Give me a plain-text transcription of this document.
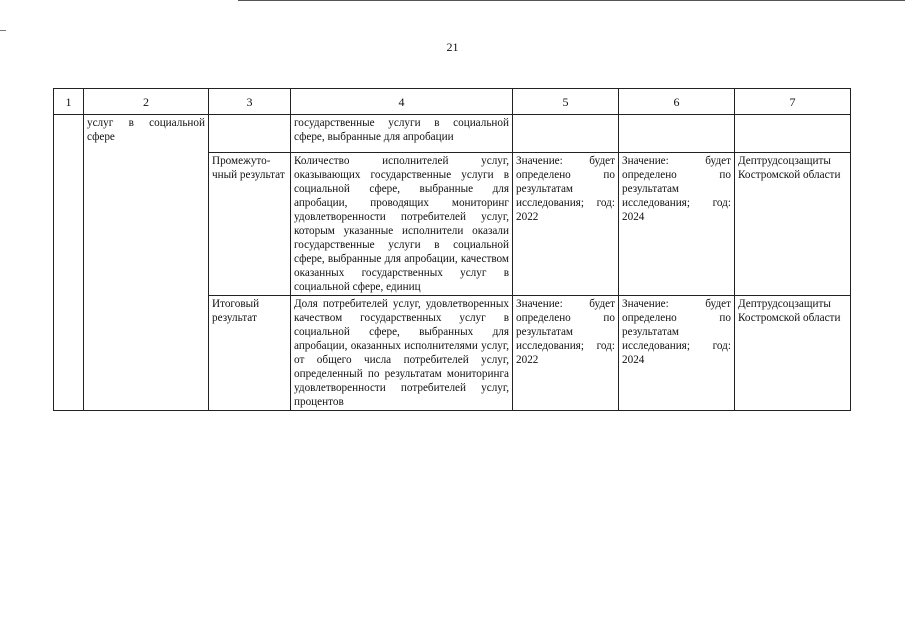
21
1	2	3	4	5	6	7
	услуг в социальной сфере		государственные услуги в социальной сфере, выбранные для апробации			
		Промежуто-чный результат	Количество исполнителей услуг, оказывающих государственные услуги в социальной сфере, выбранные для апробации, проводящих мониторинг удовлетворенности потребителей услуг, которым указанные исполнители оказали государственные услуги в социальной сфере, выбранные для апробации, качеством оказанных государственных услуг в социальной сфере, единиц	Значение: будет определено по результатам исследования; год: 2022	Значение: будет определено по результатам исследования; год: 2024	Дептрудсоцзащиты Костромской области
		Итоговый результат	Доля потребителей услуг, удовлетворенных качеством государственных услуг в социальной сфере, выбранных для апробации, оказанных исполнителями услуг, от общего числа потребителей услуг, определенный по результатам мониторинга удовлетворенности потребителей услуг, процентов	Значение: будет определено по результатам исследования; год: 2022	Значение: будет определено по результатам исследования; год: 2024	Дептрудсоцзащиты Костромской области
